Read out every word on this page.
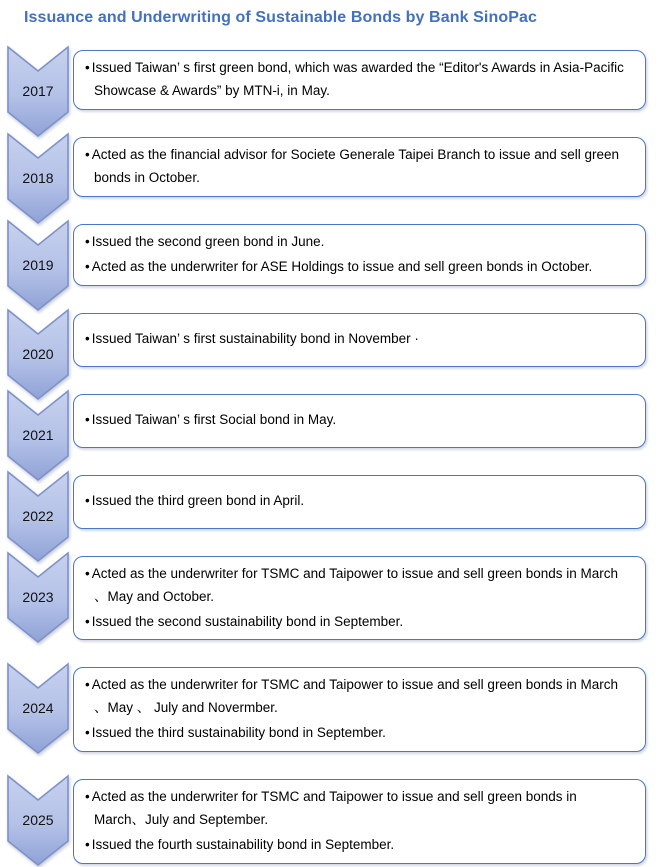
Issuance and Underwriting of Sustainable Bonds by Bank SinoPac
2017

• Issued Taiwan’ s first green bond, which was awarded the “Editor's Awards in Asia-Pacific Showcase & Awards” by MTN-i, in May.

2018

• Acted as the financial advisor for Societe Generale Taipei Branch to issue and sell green bonds in October.

2019

• Issued the second green bond in June.

• Acted as the underwriter for ASE Holdings to issue and sell green bonds in October.

2020

• Issued Taiwan’ s first sustainability bond in November ·

2021

• Issued Taiwan’ s first Social bond in May.

2022

• Issued the third green bond in April.

2023

• Acted as the underwriter for TSMC and Taipower to issue and sell green bonds in March 、May and October.

• Issued the second sustainability bond in September.

2024

• Acted as the underwriter for TSMC and Taipower to issue and sell green bonds in March 、May 、 July and Novermber.

• Issued the third sustainability bond in September.

2025

• Acted as the underwriter for TSMC and Taipower to issue and sell green bonds in March、July and September.

• Issued the fourth sustainability bond in September.
